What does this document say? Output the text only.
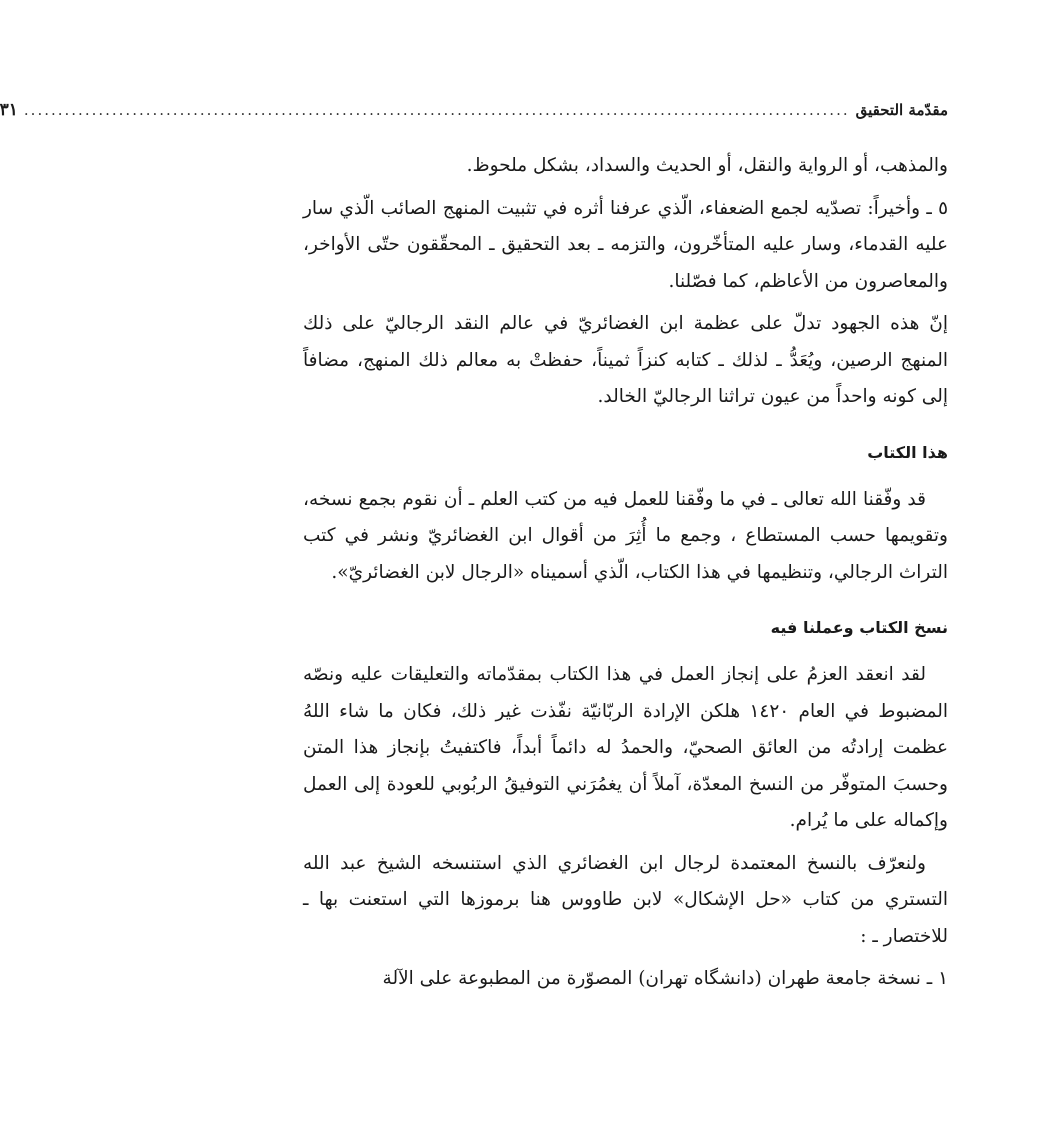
مقدّمة التحقيق
..........................................................................................................................
٣١

والمذهب، أو الرواية والنقل، أو الحديث والسداد، بشكل ملحوظ.

٥ ـ وأخيراً: تصدّيه لجمع الضعفاء، الّذي عرفنا أثره في تثبيت المنهج الصائب الّذي سار عليه القدماء، وسار عليه المتأخّرون، والتزمه ـ بعد التحقيق ـ المحقّقون حتّى الأواخر، والمعاصرون من الأعاظم، كما فصّلنا.

إنّ هذه الجهود تدلّ على عظمة ابن الغضائريّ في عالم النقد الرجاليّ على ذلك المنهج الرصين، ويُعَدُّ ـ لذلك ـ كتابه كنزاً ثميناً، حفظتْ به معالم ذلك المنهج، مضافاً إلى كونه واحداً من عيون تراثنا الرجاليّ الخالد.

هذا الكتاب

قد وفّقنا الله تعالى ـ في ما وفّقنا للعمل فيه من كتب العلم ـ أن نقوم بجمع نسخه، وتقويمها حسب المستطاع ، وجمع ما أُثِرَ من أقوال ابن الغضائريّ ونشر في كتب التراث الرجالي، وتنظيمها في هذا الكتاب، الّذي أسميناه «الرجال لابن الغضائريّ».

نسخ الكتاب وعملنا فيه

لقد انعقد العزمُ على إنجاز العمل في هذا الكتاب بمقدّماته والتعليقات عليه ونصّه المضبوط في العام ١٤٢٠ هلكن الإرادة الربّانيّة نفّذت غير ذلك، فكان ما شاء اللهُ عظمت إرادتُه من العائق الصحيّ، والحمدُ له دائماً أبداً، فاكتفيتُ بإنجاز هذا المتن وحسبَ المتوفّر من النسخ المعدّة، آملاً أن يغمُرَني التوفيقُ الربُوبي للعودة إلى العمل وإكماله على ما يُرام.

ولنعرّف بالنسخ المعتمدة لرجال ابن الغضائري الذي استنسخه الشيخ عبد الله التستري من كتاب «حل الإشكال» لابن طاووس هنا برموزها التي استعنت بها ـ للاختصار ـ :

١ ـ نسخة جامعة طهران (دانشگاه تهران) المصوّرة من المطبوعة على الآلة
